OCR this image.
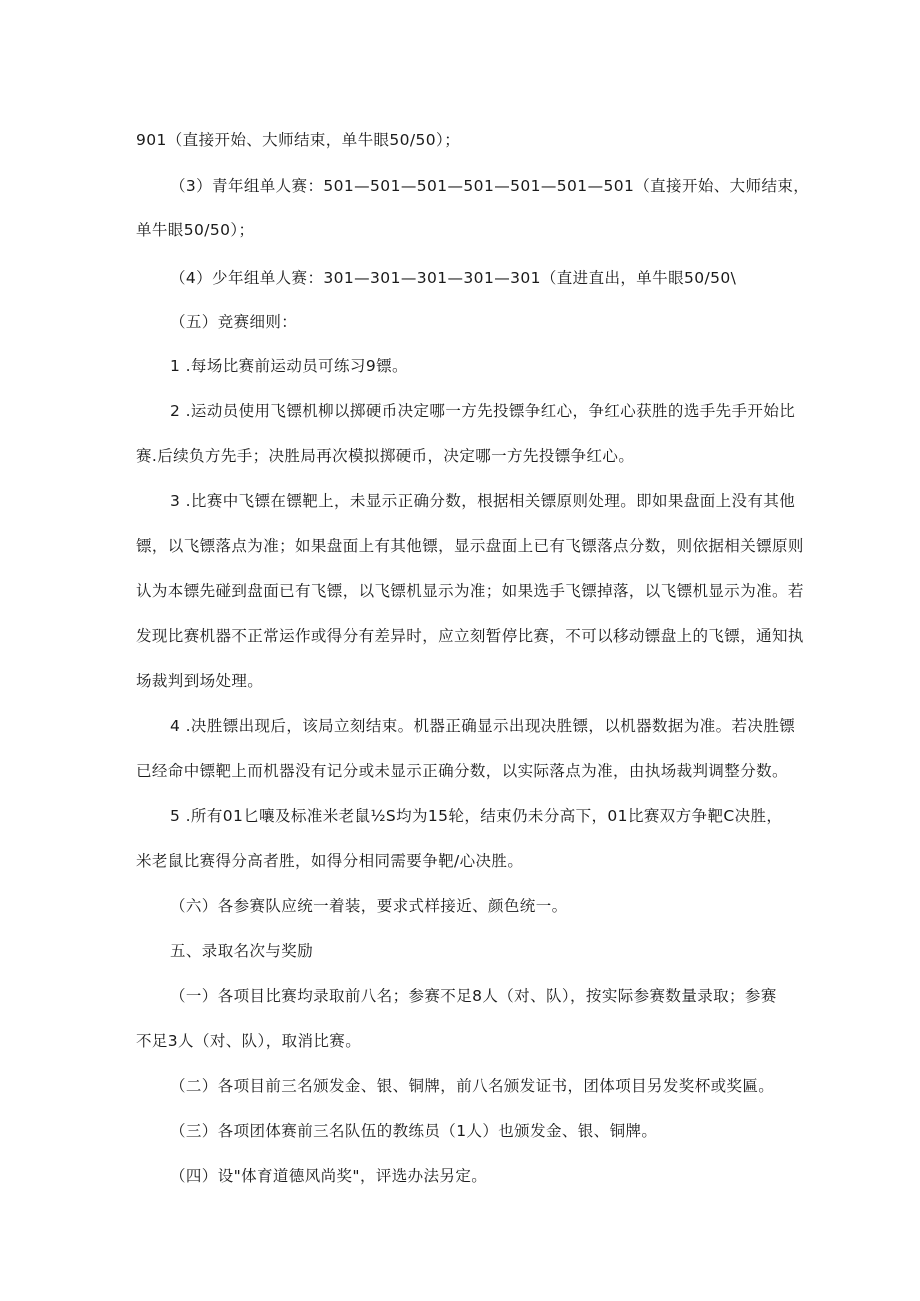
901（直接开始、大师结束，单牛眼50/50）；
（3）青年组单人赛：501—501—501—501—501—501—501（直接开始、大师结束，
单牛眼50/50）；
（4）少年组单人赛：301—301—301—301—301（直进直出，单牛眼50/50\
（五）竞赛细则：
1 .每场比赛前运动员可练习9镖。
2 .运动员使用飞镖机柳以掷硬币决定哪一方先投镖争红心，争红心获胜的选手先手开始比
赛.后续负方先手；决胜局再次模拟掷硬币，决定哪一方先投镖争红心。
3 .比赛中飞镖在镖靶上，未显示正确分数，根据相关镖原则处理。即如果盘面上没有其他
镖，以飞镖落点为准；如果盘面上有其他镖，显示盘面上已有飞镖落点分数，则依据相关镖原则
认为本镖先碰到盘面已有飞镖，以飞镖机显示为准；如果选手飞镖掉落，以飞镖机显示为准。若
发现比赛机器不正常运作或得分有差异时，应立刻暂停比赛，不可以移动镖盘上的飞镖，通知执
场裁判到场处理。
4 .决胜镖出现后，该局立刻结束。机器正确显示出现决胜镖，以机器数据为准。若决胜镖
已经命中镖靶上而机器没有记分或未显示正确分数，以实际落点为准，由执场裁判调整分数。
5 .所有01匕嚷及标准米老鼠½S均为15轮，结束仍未分高下，01比赛双方争靶C决胜，
米老鼠比赛得分高者胜，如得分相同需要争靶/心决胜。
（六）各参赛队应统一着装，要求式样接近、颜色统一。
五、录取名次与奖励
（一）各项目比赛均录取前八名；参赛不足8人（对、队），按实际参赛数量录取；参赛
不足3人（对、队），取消比赛。
（二）各项目前三名颁发金、银、铜牌，前八名颁发证书，团体项目另发奖杯或奖匾。
（三）各项团体赛前三名队伍的教练员（1人）也颁发金、银、铜牌。
（四）设"体育道德风尚奖"，评选办法另定。
